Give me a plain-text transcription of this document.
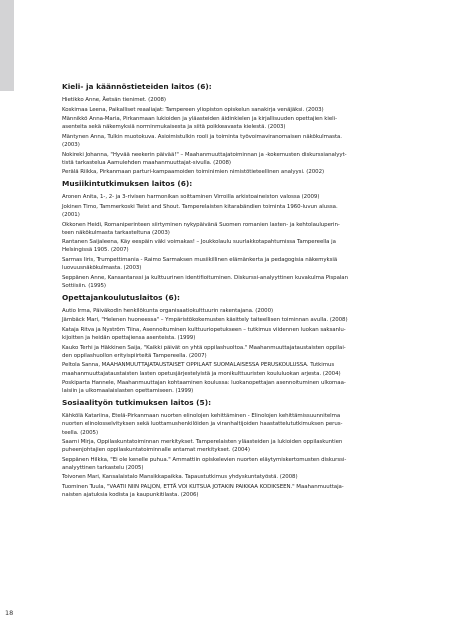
18
Kieli- ja käännöstieteiden laitos (6):
Hietikko Anne, Äetsän tienimet. (2008)
Koskimaa Leena, Paikalliset reaaliajat: Tampereen yliopiston opiskelun sanakirja venäjäksi. (2003)
Männikkö Anna-Maria, Pirkanmaan lukioiden ja yläasteiden äidinkielen ja kirjallisuuden opettajien kieli-
asenteita sekä näkemyksiä norminmukaisesta ja siitä poikkeavasta kielestä. (2003)
Mäntynen Anna, Tulkin muotokuva. Asioimistulkin rooli ja toiminta työvoimaviranomaisen näkökulmasta.
(2003)
Nokireki Johanna, "Hyvää neekerin päivää!" – Maahanmuuttajatoiminnan ja -kokemusten diskurssianalyyt-
tistä tarkastelua Aamulehden maahanmuuttajat-sivulla. (2008)
Perälä Riikka, Pirkanmaan parturi-kampaamoiden toiminimien nimistötieteellinen analyysi. (2002)
Musiikintutkimuksen laitos (6):
Aronen Anita, 1-, 2- ja 3-rivisen harmonikan soittaminen Virroilla arkistoaineiston valossa (2009)
Jokinen Timo, Tammerkoski Twist and Shout. Tamperelaisten kitarabändien toiminta 1960-luvun alussa.
(2001)
Okkonen Heidi, Romaniperinteen siirtyminen nykypäivänä Suomen romanien lasten- ja kehtolauluperin-
teen näkökulmasta tarkasteltuna (2003)
Rantanen Saijaleena, Käy eespäin väki voimakas! – Joukkolaulu suurlakkotapahtumissa Tampereella ja
Helsingissä 1905. (2007)
Sarmas Iiris, Trumpettimania - Raimo Sarmaksen musiikillinen elämänkerta ja pedagogisia näkemyksiä
luovuusnäkökulmasta. (2003)
Seppänen Anne, Kansantanssi ja kulttuurinen identifioituminen. Diskurssi-analyyttinen kuvakulma Pispalan
Sottiisiin. (1995)
Opettajankoulutuslaitos (6):
Autio Irma, Päiväkodin henkilökunta organisaatiokulttuurin rakentajana. (2000)
Jämbäck Mari, "Helenen huoneessa" – Ympäristökokemusten käsittely taiteellisen toiminnan avulla. (2008)
Kataja Ritva ja Nyström Tiina, Asennoituminen kulttuuriopetukseen – tutkimus viidennen luokan saksanlu-
kijoitten ja heidän opettajiensa asenteista. (1999)
Kauko Terhi ja Häkkinen Saija, "Kaikki päivät on yhtä oppilashuoltoa." Maahanmuuttajataustaisten oppilai-
den oppilashuollon erityispiirteitä Tampereella. (2007)
Peltola Sanna, MAAHANMUUTTAJATAUSTAISET OPPILAAT SUOMALAISESSA PERUSKOULUSSA. Tutkimus
maahanmuuttajataustaisten lasten opetusjärjestelyistä ja monikulttuuristen koululuokan arjesta. (2004)
Poskiparta Hannele, Maahanmuuttajan kohtaaminen koulussa: luokanopettajan asennoituminen ulkomaa-
laisiin ja ulkomaalaislasten opettamiseen. (1999)
Sosiaalityön tutkimuksen laitos (5):
Kähkölä Katariina, Etelä-Pirkanmaan nuorten elinolojen kehittäminen - Elinolojen kehittämissuunnitelma
nuorten elinolosselvityksen sekä luottamushenkilöiden ja viranhaltijoiden haastattelututkimuksen perus-
teella. (2005)
Saarni Mirja, Oppilaskuntatoiminnan merkitykset. Tamperelaisten yläasteiden ja lukioiden oppilaskuntien
puheenjohtajien oppilaskuntatoiminnalle antamat merkitykset. (2004)
Seppänen Hilkka, "Ei ole kenelle puhua." Ammattiin opiskelevien nuorten eläytymiskertomusten diskurssi-
analyyttinen tarkastelu (2005)
Toivonen Mari, Kansalaistalo Mansikkapaikka. Tapaustutkimus yhdyskuntatyöstä. (2008)
Tuominen Tuula, "VAATII NIIN PALJON, ETTÄ VOI KUTSUA JOTAKIN PAIKKAA KODIKSEEN." Maahanmuuttaja-
naisten ajatuksia kodista ja kaupunkitilasta. (2006)
